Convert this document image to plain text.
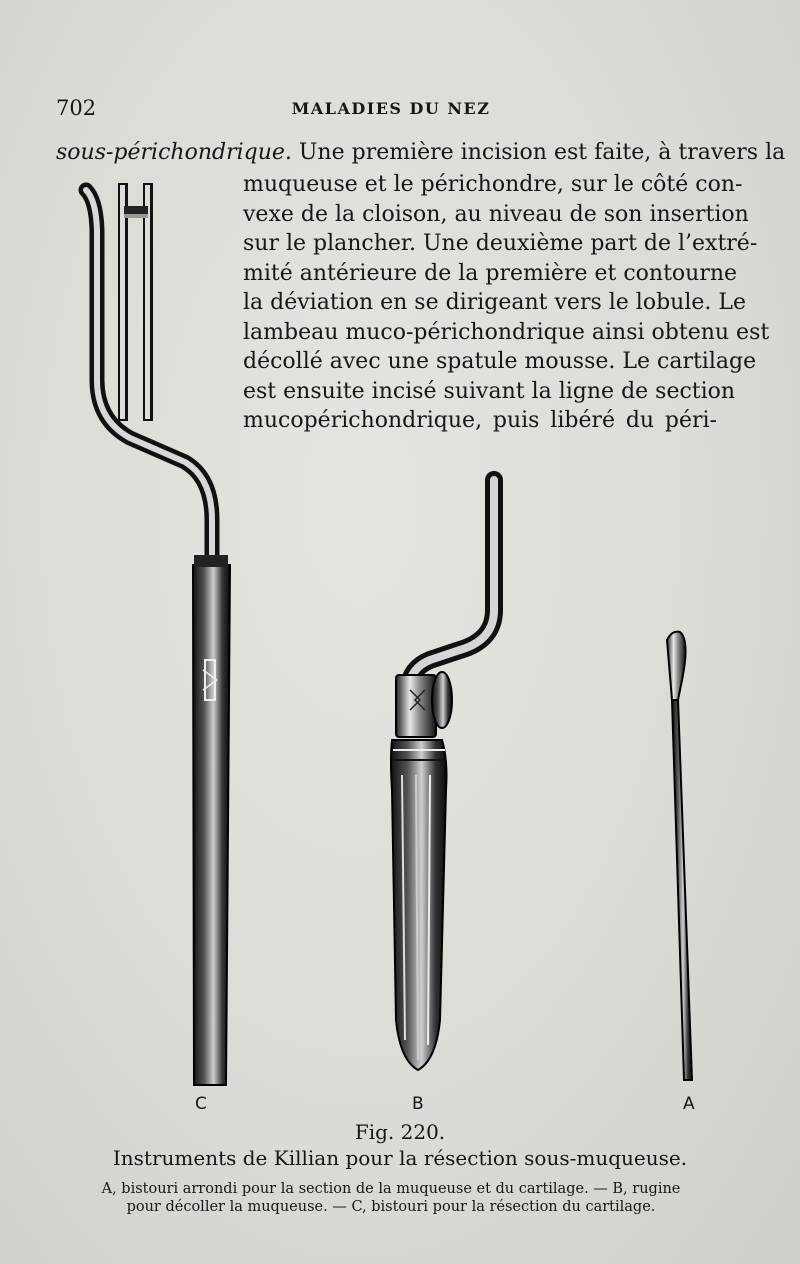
702	MALADIES DU NEZ
sous-périchondrique. Une première incision est faite, à travers la
muqueuse et le périchondre, sur le côté con-
vexe de la cloison, au niveau de son insertion
sur le plancher. Une deuxième part de l’extré-
mité antérieure de la première et contourne
la déviation en se dirigeant vers le lobule. Le
lambeau muco-périchondrique ainsi obtenu est
décollé avec une spatule mousse. Le cartilage
est ensuite incisé suivant la ligne de section
mucopérichondrique, puis libéré du péri-
C	B	A
Fig. 220.
Instruments de Killian pour la résection sous-muqueuse.
A, bistouri arrondi pour la section de la muqueuse et du cartilage. — B, rugine
pour décoller la muqueuse. — C, bistouri pour la résection du cartilage.
